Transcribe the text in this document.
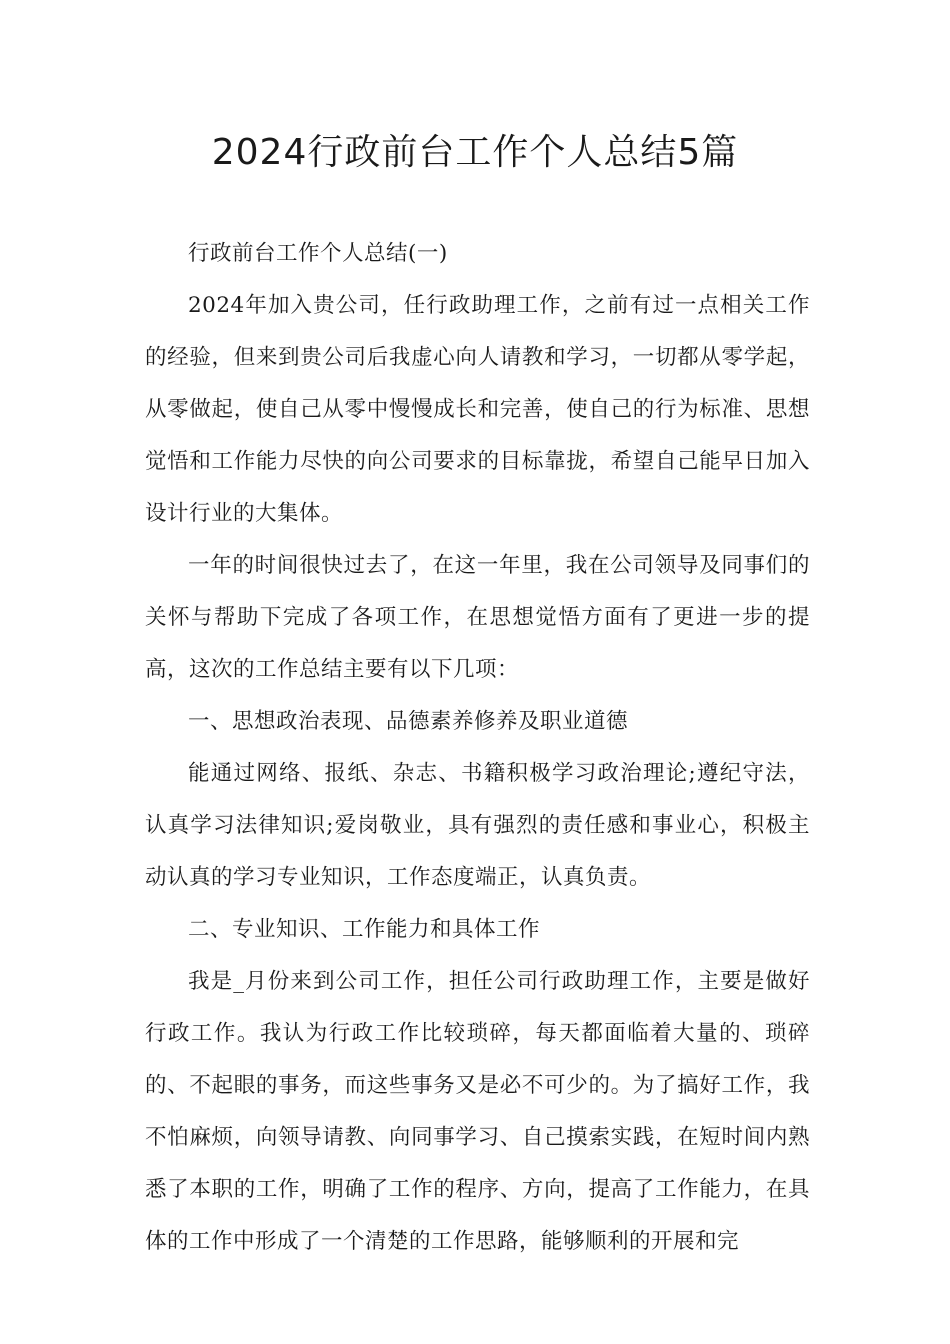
2024行政前台工作个人总结5篇

行政前台工作个人总结(一)

2024年加入贵公司，任行政助理工作，之前有过一点相关工作的经验，但来到贵公司后我虚心向人请教和学习，一切都从零学起，从零做起，使自己从零中慢慢成长和完善，使自己的行为标准、思想觉悟和工作能力尽快的向公司要求的目标靠拢，希望自己能早日加入设计行业的大集体。

一年的时间很快过去了，在这一年里，我在公司领导及同事们的关怀与帮助下完成了各项工作，在思想觉悟方面有了更进一步的提高，这次的工作总结主要有以下几项：

一、思想政治表现、品德素养修养及职业道德

能通过网络、报纸、杂志、书籍积极学习政治理论;遵纪守法，认真学习法律知识;爱岗敬业，具有强烈的责任感和事业心，积极主动认真的学习专业知识，工作态度端正，认真负责。

二、专业知识、工作能力和具体工作

我是_月份来到公司工作，担任公司行政助理工作，主要是做好行政工作。我认为行政工作比较琐碎，每天都面临着大量的、琐碎的、不起眼的事务，而这些事务又是必不可少的。为了搞好工作，我不怕麻烦，向领导请教、向同事学习、自己摸索实践，在短时间内熟悉了本职的工作，明确了工作的程序、方向，提高了工作能力，在具体的工作中形成了一个清楚的工作思路，能够顺利的开展和完
